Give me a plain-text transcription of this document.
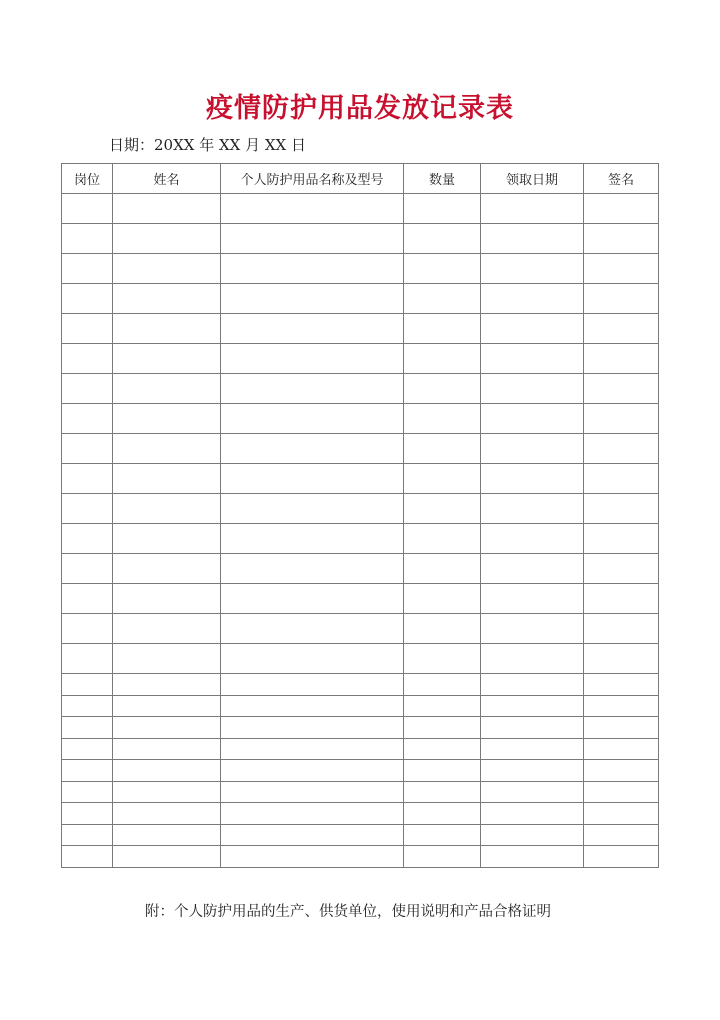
疫情防护用品发放记录表
日期：20XX 年 XX 月 XX 日
岗位	姓名	个人防护用品名称及型号	数量	领取日期	签名

附：个人防护用品的生产、供货单位，使用说明和产品合格证明
